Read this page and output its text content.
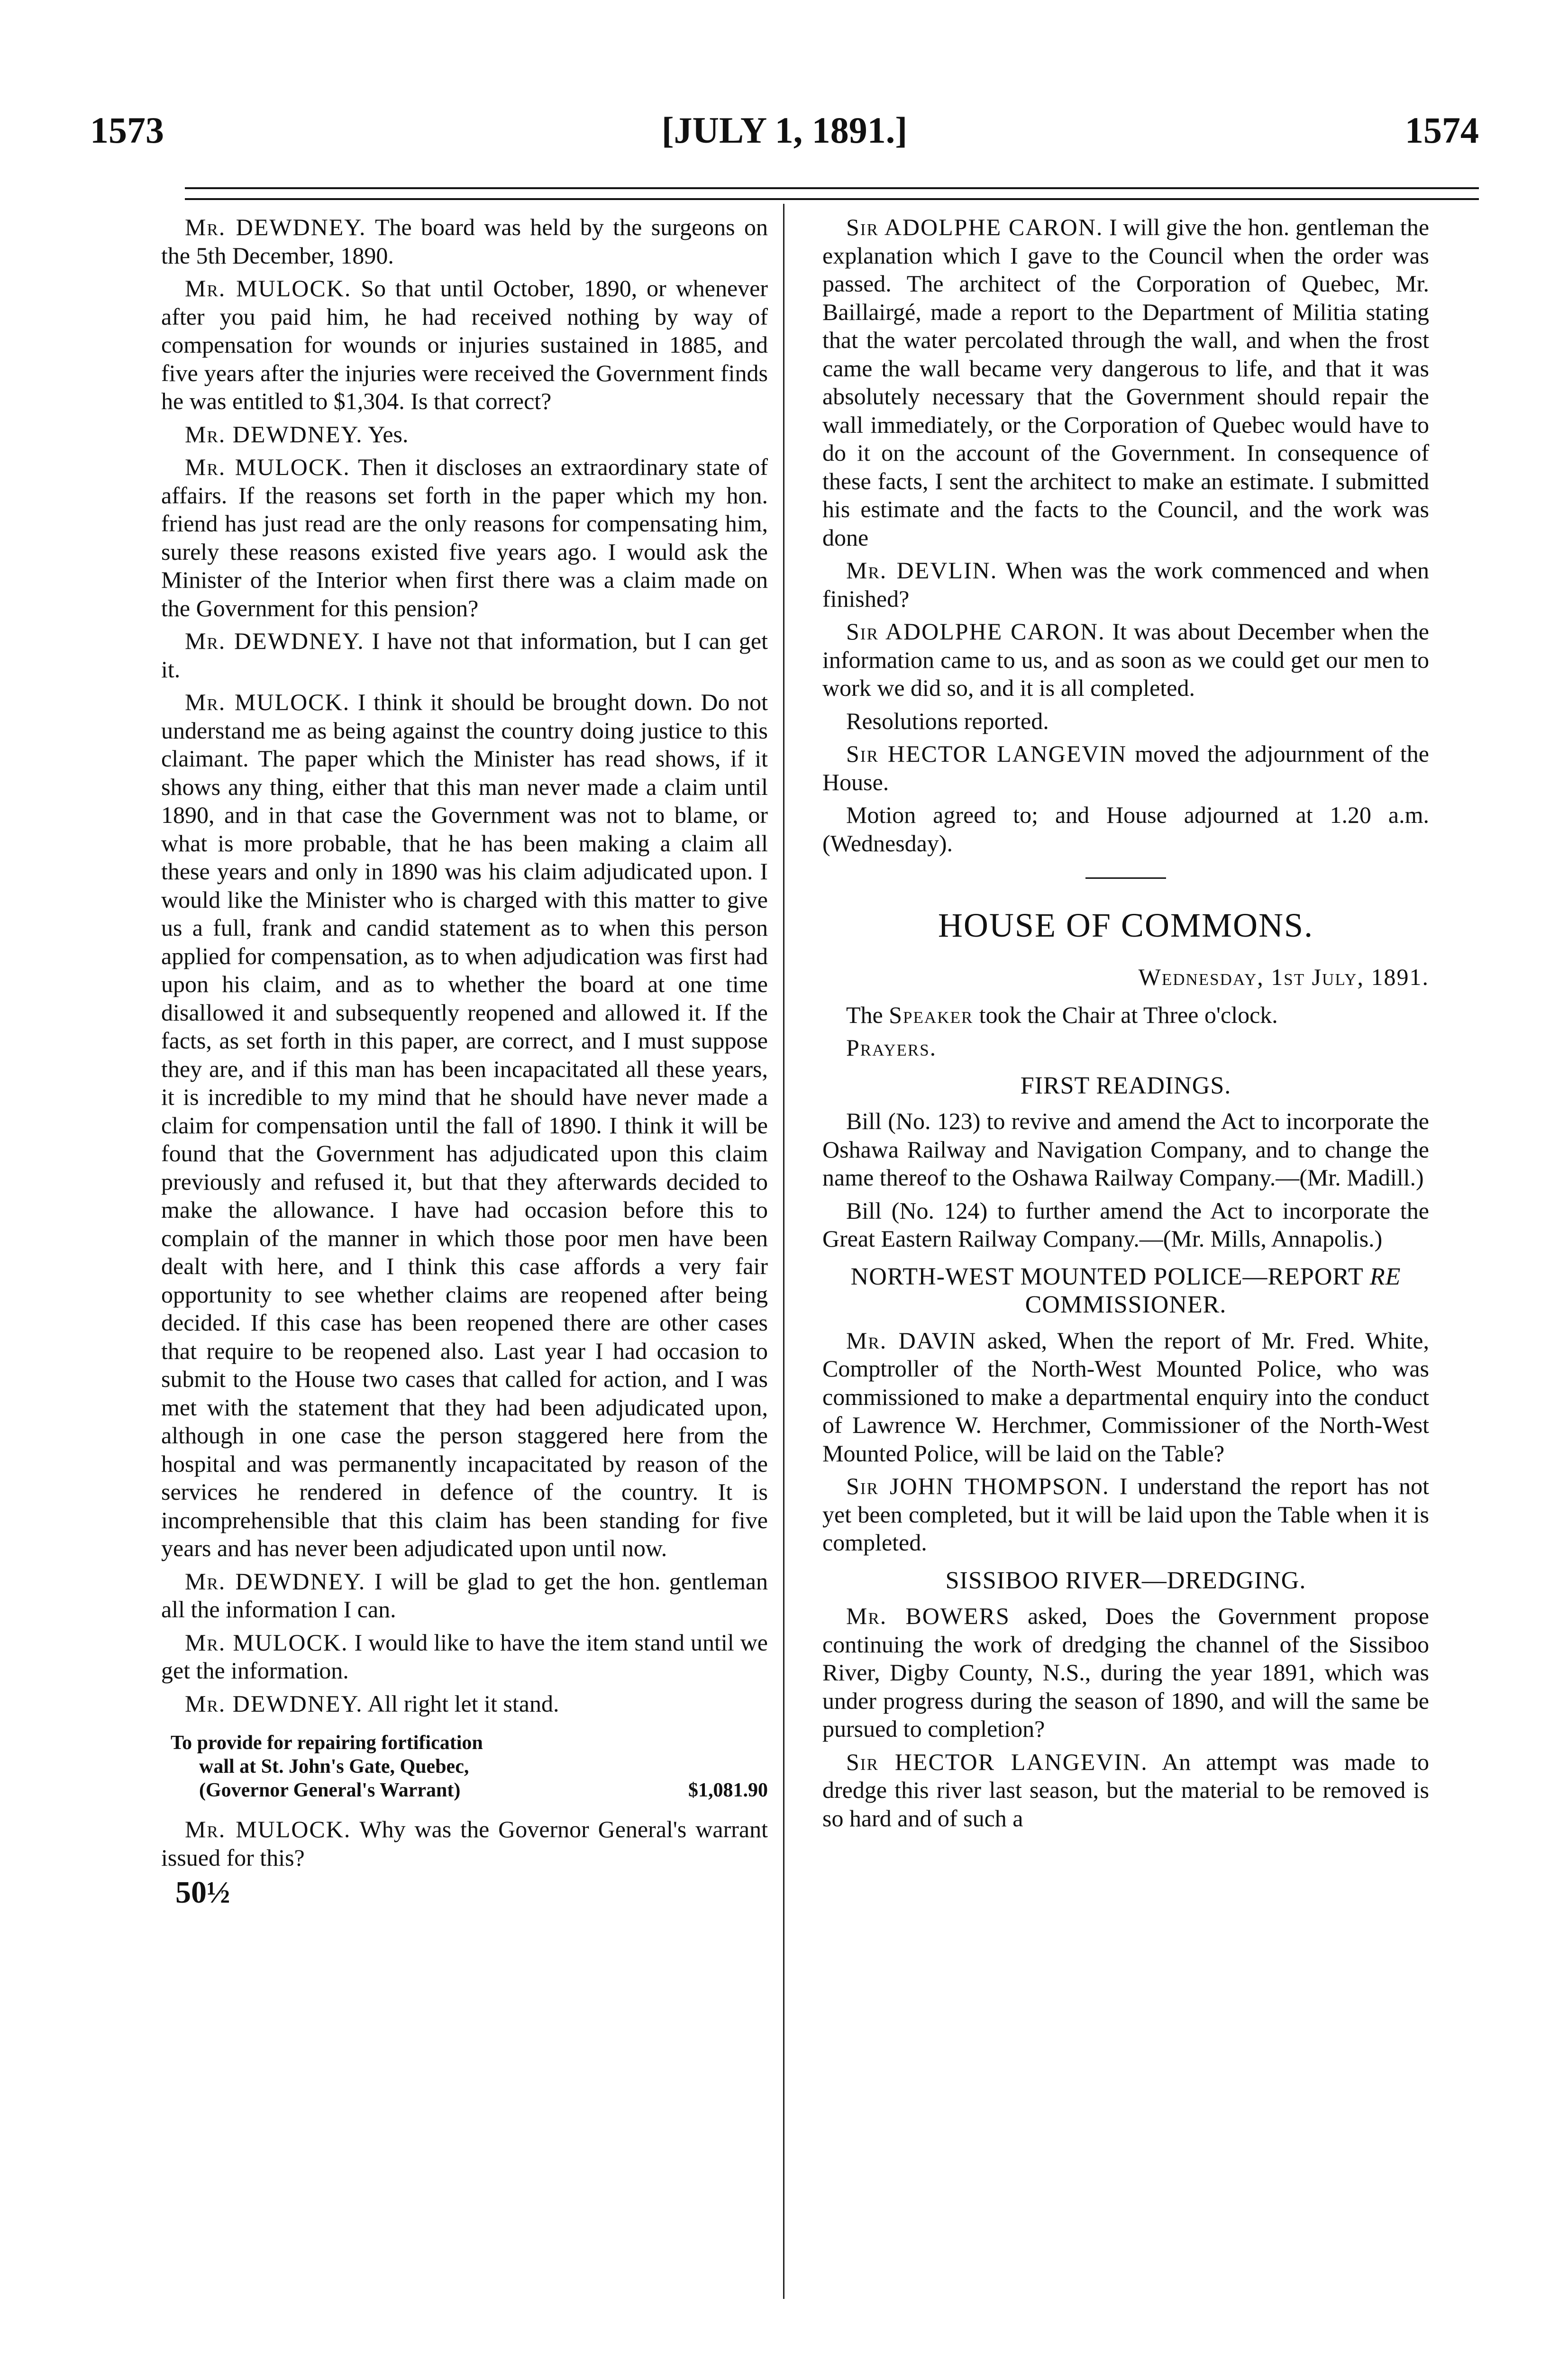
1573	[JULY 1, 1891.]	1574

Mr. DEWDNEY. The board was held by the surgeons on the 5th December, 1890.

Mr. MULOCK. So that until October, 1890, or whenever after you paid him, he had received nothing by way of compensation for wounds or injuries sustained in 1885, and five years after the injuries were received the Government finds he was entitled to $1,304. Is that correct?

Mr. DEWDNEY. Yes.

Mr. MULOCK. Then it discloses an extraordinary state of affairs. If the reasons set forth in the paper which my hon. friend has just read are the only reasons for compensating him, surely these reasons existed five years ago. I would ask the Minister of the Interior when first there was a claim made on the Government for this pension?

Mr. DEWDNEY. I have not that information, but I can get it.

Mr. MULOCK. I think it should be brought down. Do not understand me as being against the country doing justice to this claimant. The paper which the Minister has read shows, if it shows any thing, either that this man never made a claim until 1890, and in that case the Government was not to blame, or what is more probable, that he has been making a claim all these years and only in 1890 was his claim adjudicated upon. I would like the Minister who is charged with this matter to give us a full, frank and candid statement as to when this person applied for compensation, as to when adjudication was first had upon his claim, and as to whether the board at one time disallowed it and subsequently reopened and allowed it. If the facts, as set forth in this paper, are correct, and I must suppose they are, and if this man has been incapacitated all these years, it is incredible to my mind that he should have never made a claim for compensation until the fall of 1890. I think it will be found that the Government has adjudicated upon this claim previously and refused it, but that they afterwards decided to make the allowance. I have had occasion before this to complain of the manner in which those poor men have been dealt with here, and I think this case affords a very fair opportunity to see whether claims are reopened after being decided. If this case has been reopened there are other cases that require to be reopened also. Last year I had occasion to submit to the House two cases that called for action, and I was met with the statement that they had been adjudicated upon, although in one case the person staggered here from the hospital and was permanently incapacitated by reason of the services he rendered in defence of the country. It is incomprehensible that this claim has been standing for five years and has never been adjudicated upon until now.

Mr. DEWDNEY. I will be glad to get the hon. gentleman all the information I can.

Mr. MULOCK. I would like to have the item stand until we get the information.

Mr. DEWDNEY. All right let it stand.

To provide for repairing fortification
wall at St. John's Gate, Quebec,
(Governor General's Warrant)	$1,081.90

Mr. MULOCK. Why was the Governor General's warrant issued for this?

50½

Sir ADOLPHE CARON. I will give the hon. gentleman the explanation which I gave to the Council when the order was passed. The architect of the Corporation of Quebec, Mr. Baillairgé, made a report to the Department of Militia stating that the water percolated through the wall, and when the frost came the wall became very dangerous to life, and that it was absolutely necessary that the Government should repair the wall immediately, or the Corporation of Quebec would have to do it on the account of the Government. In consequence of these facts, I sent the architect to make an estimate. I submitted his estimate and the facts to the Council, and the work was done

Mr. DEVLIN. When was the work commenced and when finished?

Sir ADOLPHE CARON. It was about December when the information came to us, and as soon as we could get our men to work we did so, and it is all completed.

Resolutions reported.

Sir HECTOR LANGEVIN moved the adjournment of the House.

Motion agreed to; and House adjourned at 1.20 a.m. (Wednesday).

HOUSE OF COMMONS.
Wednesday, 1st July, 1891.

The Speaker took the Chair at Three o'clock.

Prayers.

FIRST READINGS.

Bill (No. 123) to revive and amend the Act to incorporate the Oshawa Railway and Navigation Company, and to change the name thereof to the Oshawa Railway Company.—(Mr. Madill.)

Bill (No. 124) to further amend the Act to incorporate the Great Eastern Railway Company.—(Mr. Mills, Annapolis.)

NORTH-WEST MOUNTED POLICE—REPORT RE COMMISSIONER.

Mr. DAVIN asked, When the report of Mr. Fred. White, Comptroller of the North-West Mounted Police, who was commissioned to make a departmental enquiry into the conduct of Lawrence W. Herchmer, Commissioner of the North-West Mounted Police, will be laid on the Table?

Sir JOHN THOMPSON. I understand the report has not yet been completed, but it will be laid upon the Table when it is completed.

SISSIBOO RIVER—DREDGING.

Mr. BOWERS asked, Does the Government propose continuing the work of dredging the channel of the Sissiboo River, Digby County, N.S., during the year 1891, which was under progress during the season of 1890, and will the same be pursued to completion?

Sir HECTOR LANGEVIN. An attempt was made to dredge this river last season, but the material to be removed is so hard and of such a
